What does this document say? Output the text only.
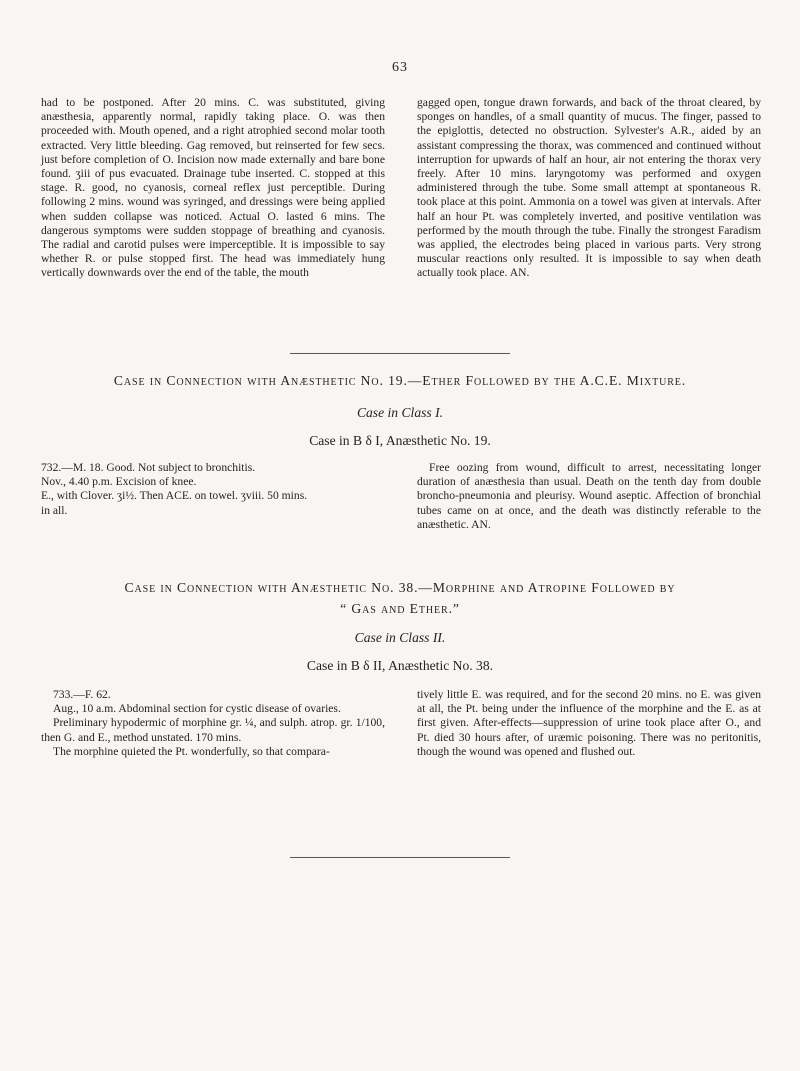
63

had to be postponed. After 20 mins. C. was substituted, giving anæsthesia, apparently normal, rapidly taking place. O. was then proceeded with. Mouth opened, and a right atrophied second molar tooth extracted. Very little bleeding. Gag removed, but reinserted for few secs. just before completion of O. Incision now made externally and bare bone found. ʒiii of pus evacuated. Drainage tube inserted. C. stopped at this stage. R. good, no cyanosis, corneal reflex just perceptible. During following 2 mins. wound was syringed, and dressings were being applied when sudden collapse was noticed. Actual O. lasted 6 mins. The dangerous symptoms were sudden stoppage of breathing and cyanosis. The radial and carotid pulses were imperceptible. It is impossible to say whether R. or pulse stopped first. The head was immediately hung vertically downwards over the end of the table, the mouth

gagged open, tongue drawn forwards, and back of the throat cleared, by sponges on handles, of a small quantity of mucus. The finger, passed to the epiglottis, detected no obstruction. Sylvester's A.R., aided by an assistant compressing the thorax, was commenced and continued without interruption for upwards of half an hour, air not entering the thorax very freely. After 10 mins. laryngotomy was performed and oxygen administered through the tube. Some small attempt at spontaneous R. took place at this point. Ammonia on a towel was given at intervals. After half an hour Pt. was completely inverted, and positive ventilation was performed by the mouth through the tube. Finally the strongest Faradism was applied, the electrodes being placed in various parts. Very strong muscular reactions only resulted. It is impossible to say when death actually took place. AN.

Case in Connection with Anæsthetic No. 19.—Ether Followed by the A.C.E. Mixture.
Case in Class I.
Case in B δ I, Anæsthetic No. 19.

732.—M. 18. Good. Not subject to bronchitis.

Nov., 4.40 p.m. Excision of knee.

E., with Clover. ʒi½. Then ACE. on towel. ʒviii. 50 mins.

in all.

Free oozing from wound, difficult to arrest, necessitating longer duration of anæsthesia than usual. Death on the tenth day from double broncho-pneumonia and pleurisy. Wound aseptic. Affection of bronchial tubes came on at once, and the death was distinctly referable to the anæsthetic. AN.

Case in Connection with Anæsthetic No. 38.—Morphine and Atropine Followed by
“ Gas and Ether.”
Case in Class II.
Case in B δ II, Anæsthetic No. 38.

733.—F. 62.

Aug., 10 a.m. Abdominal section for cystic disease of ovaries.

Preliminary hypodermic of morphine gr. ¼, and sulph. atrop. gr. 1/100, then G. and E., method unstated. 170 mins.

The morphine quieted the Pt. wonderfully, so that compara-

tively little E. was required, and for the second 20 mins. no E. was given at all, the Pt. being under the influence of the morphine and the E. as at first given. After-effects—suppression of urine took place after O., and Pt. died 30 hours after, of uræmic poisoning. There was no peritonitis, though the wound was opened and flushed out.
